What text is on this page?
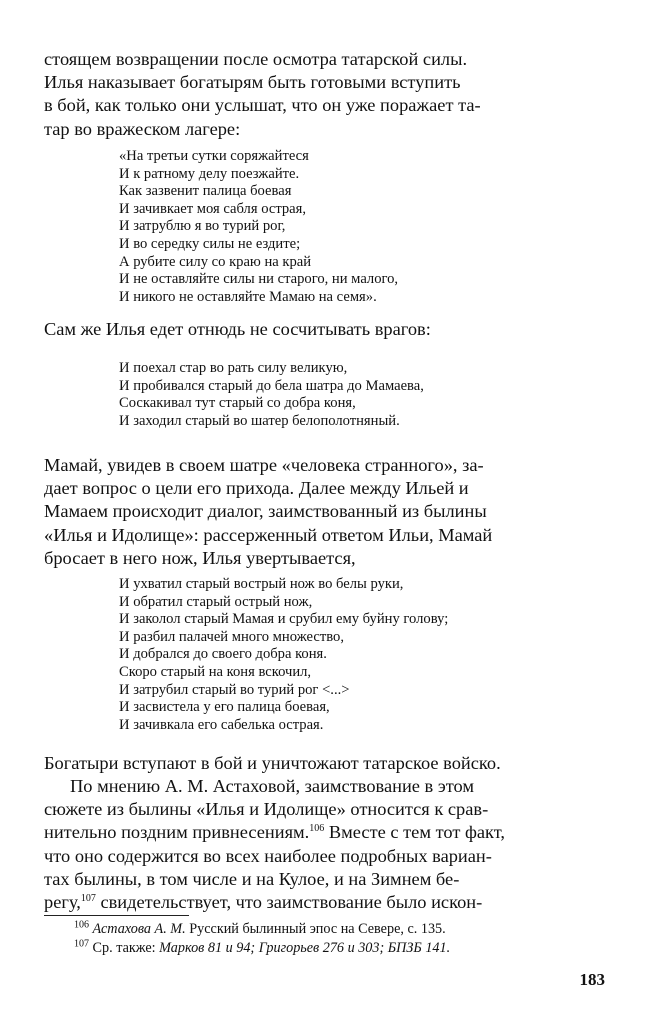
стоящем возвращении после осмотра татарской силы.
Илья наказывает богатырям быть готовыми вступить
в бой, как только они услышат, что он уже поражает та-
тар во вражеском лагере:
«На третьи сутки соряжайтеся
И к ратному делу поезжайте.
Как зазвенит палица боевая
И зачивкает моя сабля острая,
И затрублю я во турий рог,
И во середку силы не ездите;
А рубите силу со краю на край
И не оставляйте силы ни старого, ни малого,
И никого не оставляйте Мамаю на семя».
Сам же Илья едет отнюдь не сосчитывать врагов:
И поехал стар во рать силу великую,
И пробивался старый до бела шатра до Мамаева,
Соскакивал тут старый со добра коня,
И заходил старый во шатер белополотняный.
Мамай, увидев в своем шатре «человека странного», за-
дает вопрос о цели его прихода. Далее между Ильей и
Мамаем происходит диалог, заимствованный из былины
«Илья и Идолище»: рассерженный ответом Ильи, Мамай
бросает в него нож, Илья увертывается,
И ухватил старый вострый нож во белы руки,
И обратил старый острый нож,
И заколол старый Мамая и срубил ему буйну голову;
И разбил палачей много множество,
И добрался до своего добра коня.
Скоро старый на коня вскочил,
И затрубил старый во турий рог <...>
И засвистела у его палица боевая,
И зачивкала его сабелька острая.
Богатыри вступают в бой и уничтожают татарское войско.
По мнению А. М. Астаховой, заимствование в этом
сюжете из былины «Илья и Идолище» относится к срав-
нительно поздним привнесениям.$^{106}$ Вместе с тем тот факт,
что оно содержится во всех наиболее подробных вариан-
тах былины, в том числе и на Кулое, и на Зимнем бе-
регу,$^{107}$ свидетельствует, что заимствование было искон-
$^{106}$ Астахова А. М. Русский былинный эпос на Севере, с. 135.
$^{107}$ Ср. также: Марков 81 и 94; Григорьев 276 и 303; БПЗБ 141.
183
